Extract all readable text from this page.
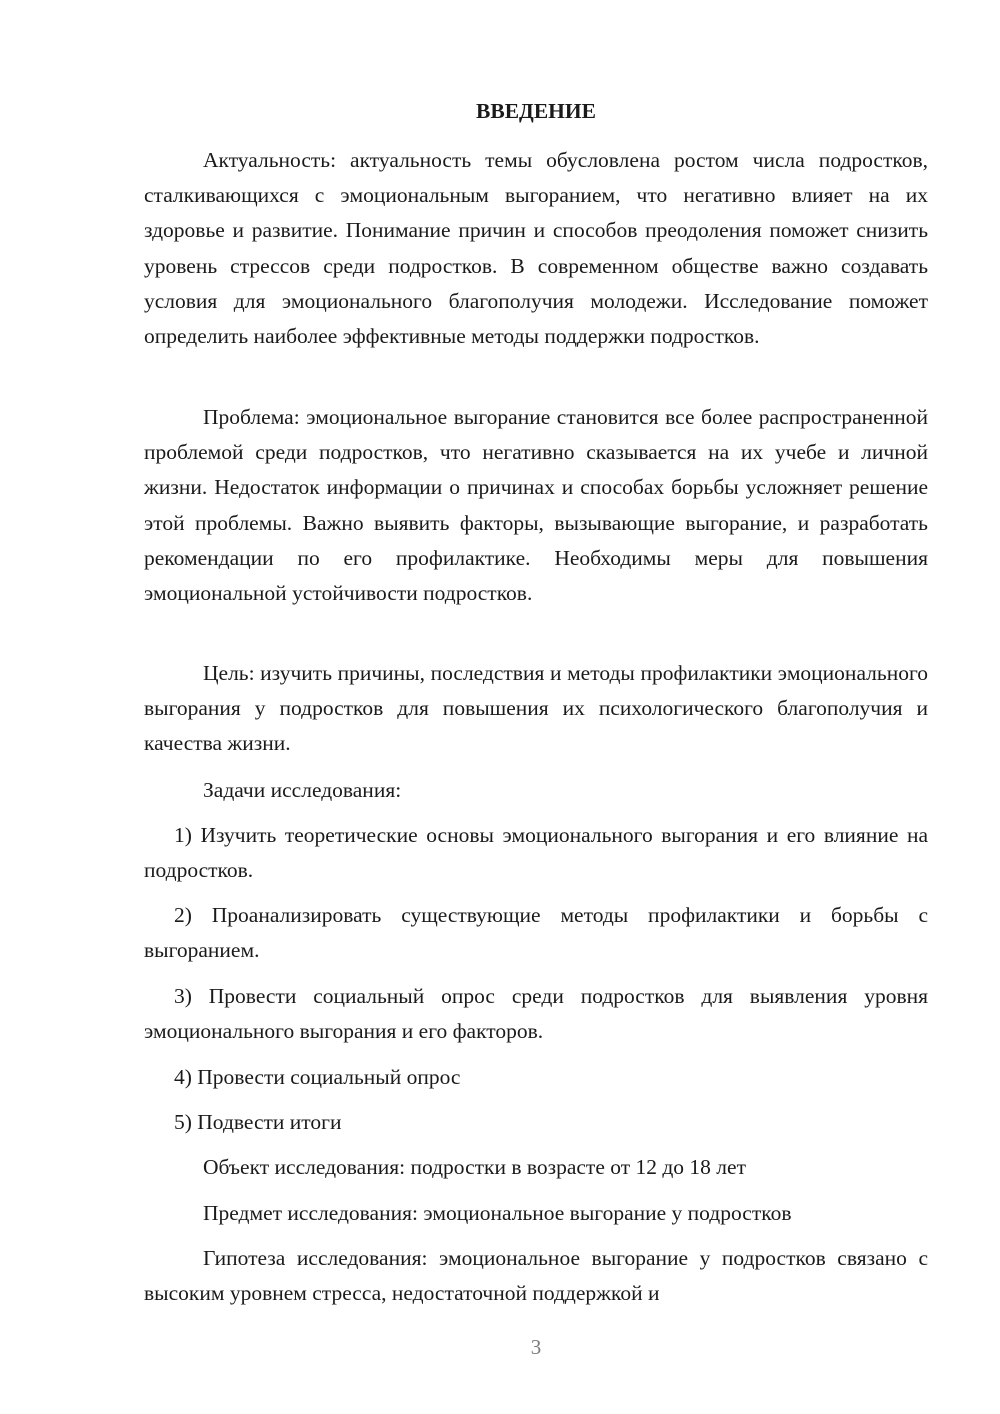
ВВЕДЕНИЕ

Актуальность: актуальность темы обусловлена ростом числа подростков, сталкивающихся с эмоциональным выгоранием, что негативно влияет на их здоровье и развитие. Понимание причин и способов преодоления поможет снизить уровень стрессов среди подростков. В современном обществе важно создавать условия для эмоционального благополучия молодежи. Исследование поможет определить наиболее эффективные методы поддержки подростков.

Проблема: эмоциональное выгорание становится все более распространенной проблемой среди подростков, что негативно сказывается на их учебе и личной жизни. Недостаток информации о причинах и способах борьбы усложняет решение этой проблемы. Важно выявить факторы, вызывающие выгорание, и разработать рекомендации по его профилактике. Необходимы меры для повышения эмоциональной устойчивости подростков.

Цель: изучить причины, последствия и методы профилактики эмоционального выгорания у подростков для повышения их психологического благополучия и качества жизни.

Задачи исследования:

1) Изучить теоретические основы эмоционального выгорания и его влияние на подростков.

2) Проанализировать существующие методы профилактики и борьбы с выгоранием.

3) Провести социальный опрос среди подростков для выявления уровня эмоционального выгорания и его факторов.

4) Провести социальный опрос

5) Подвести итоги

Объект исследования: подростки в возрасте от 12 до 18 лет

Предмет исследования: эмоциональное выгорание у подростков

Гипотеза исследования: эмоциональное выгорание у подростков связано с высоким уровнем стресса, недостаточной поддержкой и

3
